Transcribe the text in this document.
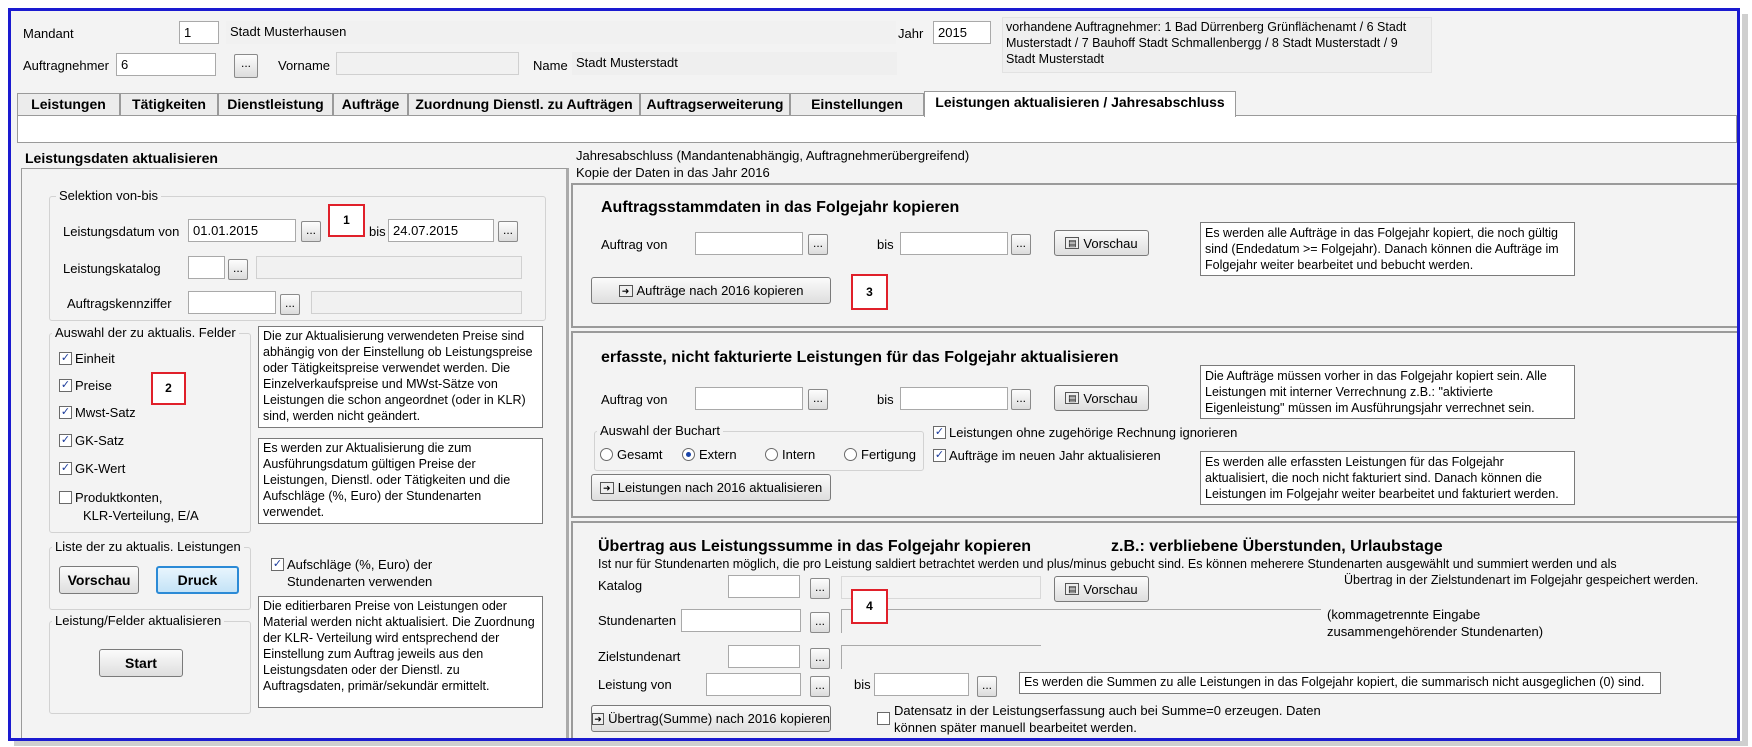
Mandant	1	Stadt Musterhausen	Jahr	2015	vorhandene Auftragnehmer: 1 Bad Dürrenberg Grünflächenamt / 6 Stadt Musterstadt / 7 Bauhoff Stadt Schmallenbergg / 8 Stadt Musterstadt / 9 Stadt Musterstadt
Auftragnehmer 6	...	Vorname	Name Stadt Musterstadt
Leistungen	Tätigkeiten	Dienstleistung	Aufträge	Zuordnung Dienstl. zu Aufträgen Auftragserweiterung	Einstellungen	Leistungen aktualisieren / Jahresabschluss
Leistungsdaten aktualisieren
Selektion von-bis
Leistungsdatum von	01.01.2015	...
1
bis 24.07.2015	...
Leistungskatalog	...
Auftragskennziffer	...
Auswahl der zu aktualis. Felder
✓ Einheit
✓ Preise
✓ Mwst-Satz
✓ GK-Satz
✓ GK-Wert
Produktkonten,
KLR-Verteilung, E/A
2
Die zur Aktualisierung verwendeten Preise sind abhängig von der Einstellung ob Leistungspreise oder Tätigkeitspreise verwendet werden. Die Einzelverkaufspreise und MWst-Sätze von Leistungen die schon angeordnet (oder in KLR) sind, werden nicht geändert.
Es werden zur Aktualisierung die zum Ausführungsdatum gültigen Preise der Leistungen, Dienstl. oder Tätigkeiten und die Aufschläge (%, Euro) der Stundenarten verwendet.
Liste der zu aktualis. Leistungen
Vorschau	Druck
✓ Aufschläge (%, Euro) der
Stundenarten verwenden
Leistung/Felder aktualisieren
Start
Die editierbaren Preise von Leistungen oder Material werden nicht aktualisiert. Die Zuordnung der KLR- Verteilung wird entsprechend der Einstellung zum Auftrag jeweils aus den Leistungsdaten oder der Dienstl. zu Auftragsdaten, primär/sekundär ermittelt.
Jahresabschluss (Mandantenabhängig, Auftragnehmerübergreifend)
Kopie der Daten in das Jahr 2016
Auftragsstammdaten in das Folgejahr kopieren
Auftrag von	...	bis	...	▤ Vorschau
Es werden alle Aufträge in das Folgejahr kopiert, die noch gültig sind (Endedatum >= Folgejahr). Danach können die Aufträge im Folgejahr weiter bearbeitet und bebucht werden.
➜ Aufträge nach 2016 kopieren	3
erfasste, nicht fakturierte Leistungen für das Folgejahr aktualisieren
Auftrag von	...	bis	...	▤ Vorschau
Die Aufträge müssen vorher in das Folgejahr kopiert sein. Alle Leistungen mit interner Verrechnung z.B.: "aktivierte Eigenleistung" müssen im Ausführungsjahr verrechnet sein.
Auswahl der Buchart
Gesamt	Extern	Intern	Fertigung
✓ Leistungen ohne zugehörige Rechnung ignorieren
✓ Aufträge im neuen Jahr aktualisieren
➜ Leistungen nach 2016 aktualisieren
Es werden alle erfassten Leistungen für das Folgejahr aktualisiert, die noch nicht fakturiert sind. Danach können die Leistungen im Folgejahr weiter bearbeitet und fakturiert werden.
Übertrag aus Leistungssumme in das Folgejahr kopieren	z.B.: verbliebene Überstunden, Urlaubstage
Ist nur für Stundenarten möglich, die pro Leistung saldiert betrachtet werden und plus/minus gebucht sind. Es können meherere Stundenarten ausgewählt und summiert werden und als
Übertrag in der Zielstundenart im Folgejahr gespeichert werden.
Katalog	...	▤ Vorschau
Stundenarten	...
4
(kommagetrennte Eingabe
zusammengehörender Stundenarten)
Zielstundenart	...
Leistung von	...	bis	...	Es werden die Summen zu alle Leistungen in das Folgejahr kopiert, die summarisch nicht ausgeglichen (0) sind.
➜ Übertrag(Summe) nach 2016 kopieren
Datensatz in der Leistungserfassung auch bei Summe=0 erzeugen. Daten
können später manuell bearbeitet werden.
